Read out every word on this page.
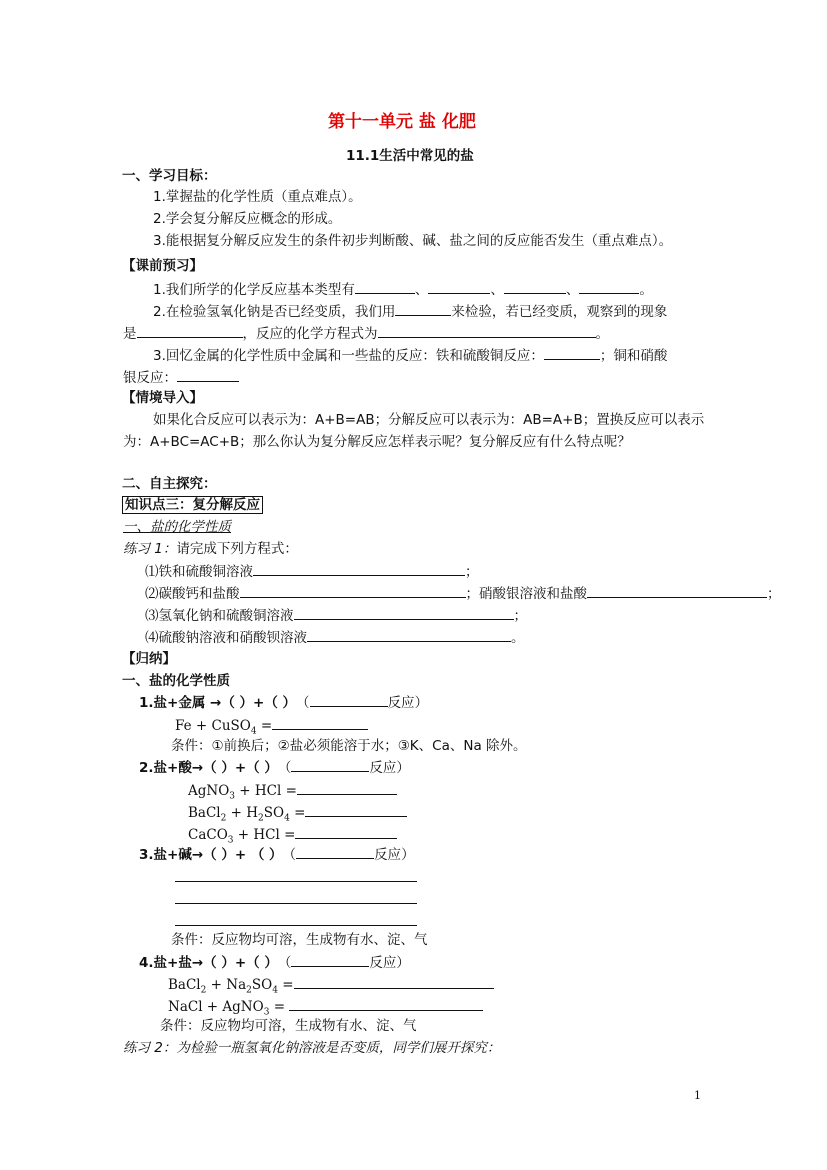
第十一单元 盐 化肥
11.1生活中常见的盐
一、学习目标：
1.掌握盐的化学性质（重点难点）。
2.学会复分解反应概念的形成。
3.能根据复分解反应发生的条件初步判断酸、碱、盐之间的反应能否发生（重点难点）。
【课前预习】
1.我们所学的化学反应基本类型有	、	、	、	。
2.在检验氢氧化钠是否已经变质，我们用	来检验，若已经变质，观察到的现象
是	，反应的化学方程式为	。
3.回忆金属的化学性质中金属和一些盐的反应：铁和硫酸铜反应：	；铜和硝酸
银反应：
【情境导入】
如果化合反应可以表示为：A+B=AB；分解反应可以表示为：AB=A+B；置换反应可以表示
为：A+BC=AC+B；那么你认为复分解反应怎样表示呢？复分解反应有什么特点呢？
二、自主探究：
知识点三：复分解反应
一、盐的化学性质
练习 1：请完成下列方程式：
⑴铁和硫酸铜溶液	；
⑵碳酸钙和盐酸	；硝酸银溶液和盐酸	；
⑶氢氧化钠和硫酸铜溶液	；
⑷硫酸钠溶液和硝酸钡溶液	。
【归纳】
一、盐的化学性质
1.盐+金属 →（ ）+（ ）　（	反应）
Fe + CuSO$_4$ =
条件：①前换后；②盐必须能溶于水；③K、Ca、Na 除外。
2.盐+酸→（ ）+（ ）　（	反应）
AgNO$_3$ + HCl =
BaCl$_2$ + $H_2SO_4$ =
CaCO$_3$ + HCl =
3.盐+碱→（ ）+ （ ）　（	反应）
条件：反应物均可溶，生成物有水、淀、气
4.盐+盐→（ ）+（ ）　（	反应）
BaCl$_2$ + $Na_2SO_4$ =
NaCl + AgNO$_3$ =
条件：反应物均可溶，生成物有水、淀、气
练习 2：为检验一瓶氢氧化钠溶液是否变质，同学们展开探究：
1
